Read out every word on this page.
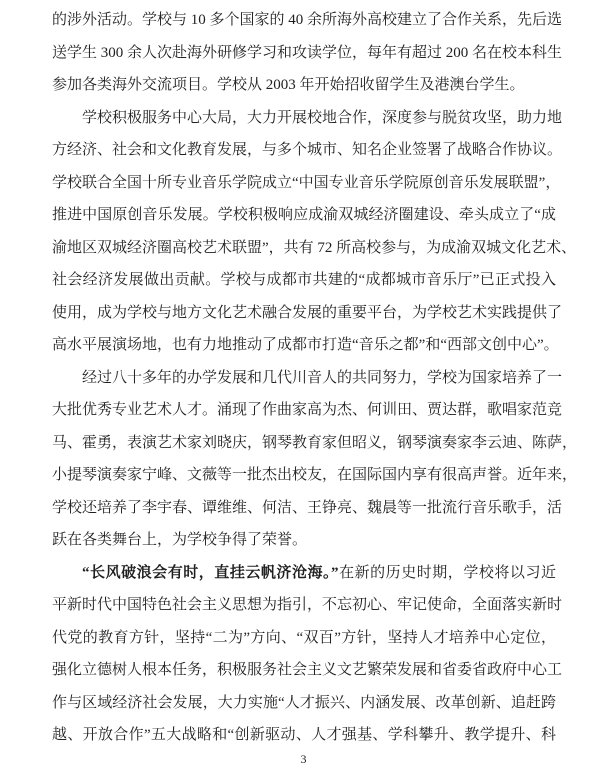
的涉外活动。学校与 10 多个国家的 40 余所海外高校建立了合作关系，先后选
送学生 300 余人次赴海外研修学习和攻读学位，每年有超过 200 名在校本科生
参加各类海外交流项目。学校从 2003 年开始招收留学生及港澳台学生。
学校积极服务中心大局，大力开展校地合作，深度参与脱贫攻坚，助力地
方经济、社会和文化教育发展，与多个城市、知名企业签署了战略合作协议。
学校联合全国十所专业音乐学院成立“中国专业音乐学院原创音乐发展联盟”，
推进中国原创音乐发展。学校积极响应成渝双城经济圈建设、牵头成立了“成
渝地区双城经济圈高校艺术联盟”，共有 72 所高校参与，为成渝双城文化艺术、
社会经济发展做出贡献。学校与成都市共建的“成都城市音乐厅”已正式投入
使用，成为学校与地方文化艺术融合发展的重要平台，为学校艺术实践提供了
高水平展演场地，也有力地推动了成都市打造“音乐之都”和“西部文创中心”。
经过八十多年的办学发展和几代川音人的共同努力，学校为国家培养了一
大批优秀专业艺术人才。涌现了作曲家高为杰、何训田、贾达群，歌唱家范竞
马、霍勇，表演艺术家刘晓庆，钢琴教育家但昭义，钢琴演奏家李云迪、陈萨，
小提琴演奏家宁峰、文薇等一批杰出校友，在国际国内享有很高声誉。近年来，
学校还培养了李宇春、谭维维、何洁、王铮亮、魏晨等一批流行音乐歌手，活
跃在各类舞台上，为学校争得了荣誉。
“长风破浪会有时，直挂云帆济沧海。”在新的历史时期，学校将以习近
平新时代中国特色社会主义思想为指引，不忘初心、牢记使命，全面落实新时
代党的教育方针，坚持“二为”方向、“双百”方针，坚持人才培养中心定位，
强化立德树人根本任务，积极服务社会主义文艺繁荣发展和省委省政府中心工
作与区域经济社会发展，大力实施“人才振兴、内涵发展、改革创新、追赶跨
越、开放合作”五大战略和“创新驱动、人才强基、学科攀升、教学提升、科
3
